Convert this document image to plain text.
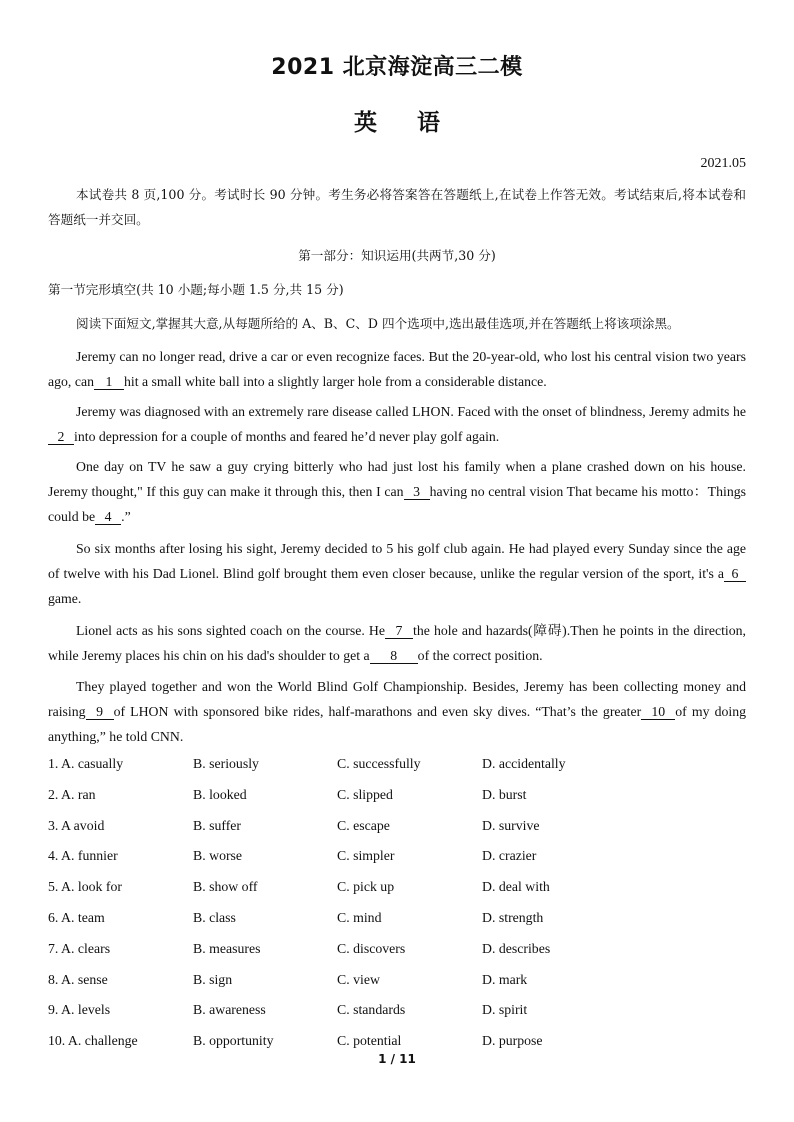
2021 北京海淀高三二模
英 语
2021.05
本试卷共 8 页,100 分。考试时长 90 分钟。考生务必将答案答在答题纸上,在试卷上作答无效。考试结束后,将本试卷和答题纸一并交回。
第一部分：知识运用(共两节,30 分)
第一节完形填空(共 10 小题;每小题 1.5 分,共 15 分)
阅读下面短文,掌握其大意,从每题所给的 A、B、C、D 四个选项中,选出最佳选项,并在答题纸上将该项涂黑。
Jeremy can no longer read, drive a car or even recognize faces. But the 20-year-old, who lost his central vision two years ago, can 1 hit a small white ball into a slightly larger hole from a considerable distance.
Jeremy was diagnosed with an extremely rare disease called LHON. Faced with the onset of blindness, Jeremy admits he2 into depression for a couple of months and feared he’d never play golf again.
One day on TV he saw a guy crying bitterly who had just lost his family when a plane crashed down on his house. Jeremy thought," If this guy can make it through this, then I can 3 having no central vision That became his motto：Things could be 4 .”
So six months after losing his sight, Jeremy decided to 5 his golf club again. He had played every Sunday since the age of twelve with his Dad Lionel. Blind golf brought them even closer because, unlike the regular version of the sport, it's a 6game.
Lionel acts as his sons sighted coach on the course. He 7 the hole and hazards(障碍).Then he points in the direction, while Jeremy places his chin on his dad's shoulder to get a 8 of the correct position.
They played together and won the World Blind Golf Championship. Besides, Jeremy has been collecting money and raising 9 of LHON with sponsored bike rides, half-marathons and even sky dives. “That’s the greater 10 of my doing anything,” he told CNN.
1. A. casually	B. seriously	C. successfully	D. accidentally
2. A. ran	B. looked	C. slipped	D. burst
3. A avoid	B. suffer	C. escape	D. survive
4. A. funnier	B. worse	C. simpler	D. crazier
5. A. look for	B. show off	C. pick up	D. deal with
6. A. team	B. class	C. mind	D. strength
7. A. clears	B. measures	C. discovers	D. describes
8. A. sense	B. sign	C. view	D. mark
9. A. levels	B. awareness	C. standards	D. spirit
10. A. challenge	B. opportunity	C. potential	D. purpose
1 / 11
